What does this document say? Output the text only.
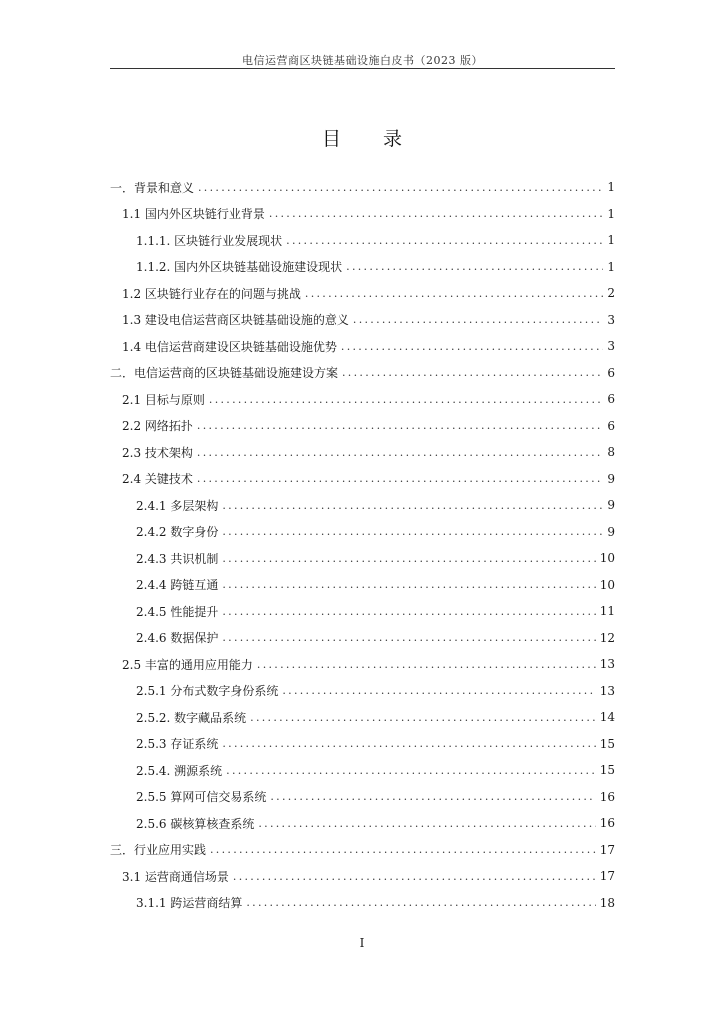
电信运营商区块链基础设施白皮书（2023 版）
目 录
一．背景和意义 .....	1
1.1 国内外区块链行业背景 .....	1
1.1.1. 区块链行业发展现状 .....	1
1.1.2. 国内外区块链基础设施建设现状 .....	1
1.2 区块链行业存在的问题与挑战 .....	2
1.3 建设电信运营商区块链基础设施的意义 .....	3
1.4 电信运营商建设区块链基础设施优势 .....	3
二．电信运营商的区块链基础设施建设方案 .....	6
2.1 目标与原则 .....	6
2.2 网络拓扑 .....	6
2.3 技术架构 .....	8
2.4 关键技术 .....	9
2.4.1 多层架构 .....	9
2.4.2 数字身份 .....	9
2.4.3 共识机制 .....	10
2.4.4 跨链互通 .....	10
2.4.5 性能提升 .....	11
2.4.6 数据保护 .....	12
2.5 丰富的通用应用能力 .....	13
2.5.1 分布式数字身份系统 .....	13
2.5.2. 数字藏品系统 .....	14
2.5.3 存证系统 .....	15
2.5.4. 溯源系统 .....	15
2.5.5 算网可信交易系统 .....	16
2.5.6 碳核算核查系统 .....	16
三．行业应用实践 .....	17
3.1 运营商通信场景 .....	17
3.1.1 跨运营商结算 .....	18
I
